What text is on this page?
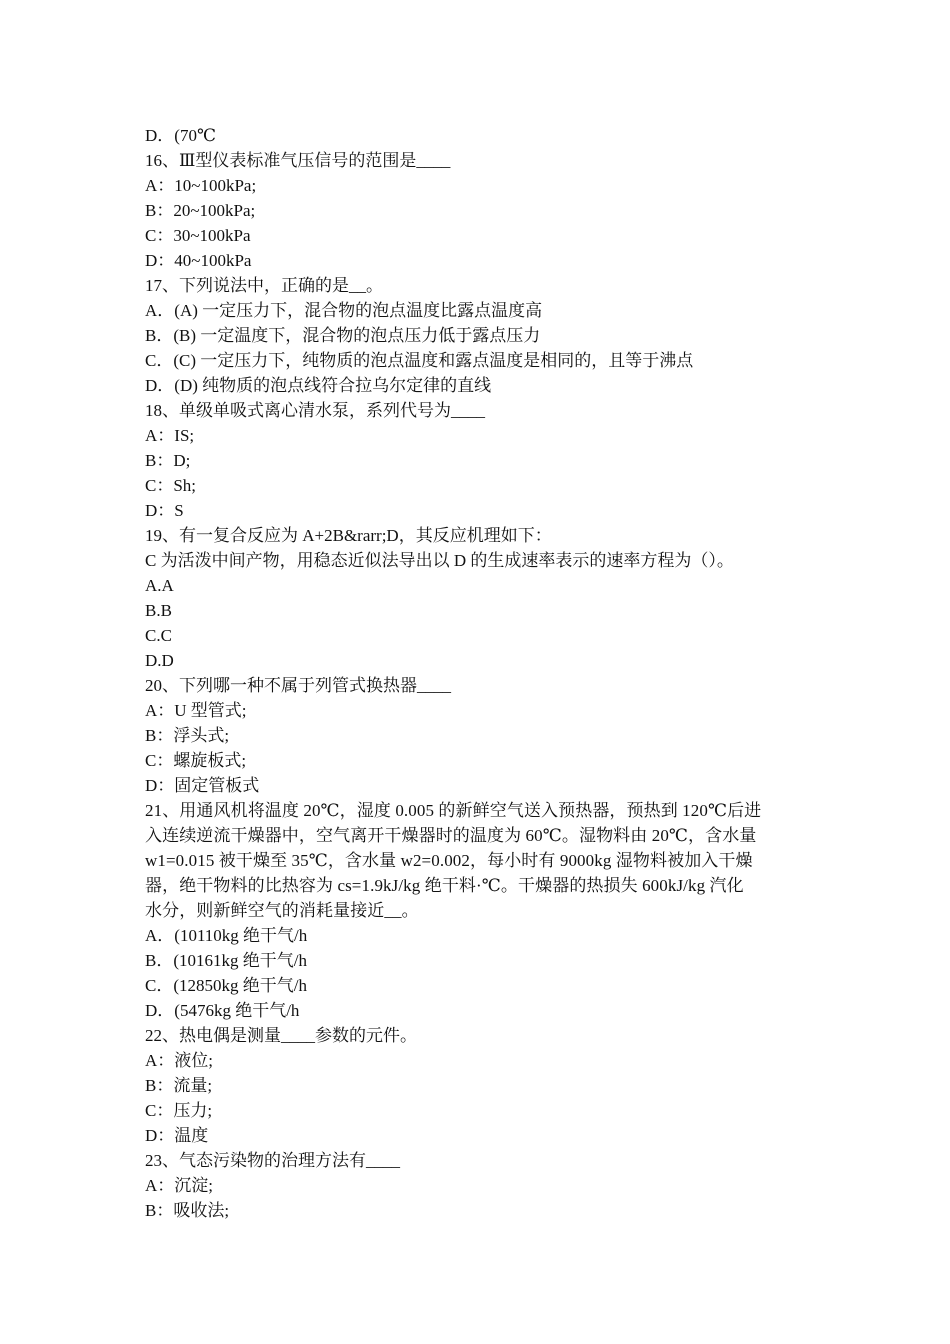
D．(70℃
16、Ⅲ型仪表标准气压信号的范围是____
A：10~100kPa;
B：20~100kPa;
C：30~100kPa
D：40~100kPa
17、下列说法中，正确的是__。
A．(A) 一定压力下，混合物的泡点温度比露点温度高
B．(B) 一定温度下，混合物的泡点压力低于露点压力
C．(C) 一定压力下，纯物质的泡点温度和露点温度是相同的，且等于沸点
D．(D) 纯物质的泡点线符合拉乌尔定律的直线
18、单级单吸式离心清水泵，系列代号为____
A：IS;
B：D;
C：Sh;
D：S
19、有一复合反应为 A+2B&rarr;D，其反应机理如下：
C 为活泼中间产物，用稳态近似法导出以 D 的生成速率表示的速率方程为（）。
A.A
B.B
C.C
D.D
20、下列哪一种不属于列管式换热器____
A：U 型管式;
B：浮头式;
C：螺旋板式;
D：固定管板式
21、用通风机将温度 20℃，湿度 0.005 的新鲜空气送入预热器，预热到 120℃后进
入连续逆流干燥器中，空气离开干燥器时的温度为 60℃。湿物料由 20℃，含水量
w1=0.015 被干燥至 35℃，含水量 w2=0.002，每小时有 9000kg 湿物料被加入干燥
器，绝干物料的比热容为 cs=1.9kJ/kg 绝干料·℃。干燥器的热损失 600kJ/kg 汽化
水分，则新鲜空气的消耗量接近__。
A．(10110kg 绝干气/h
B．(10161kg 绝干气/h
C．(12850kg 绝干气/h
D．(5476kg 绝干气/h
22、热电偶是测量____参数的元件。
A：液位;
B：流量;
C：压力;
D：温度
23、气态污染物的治理方法有____
A：沉淀;
B：吸收法;
